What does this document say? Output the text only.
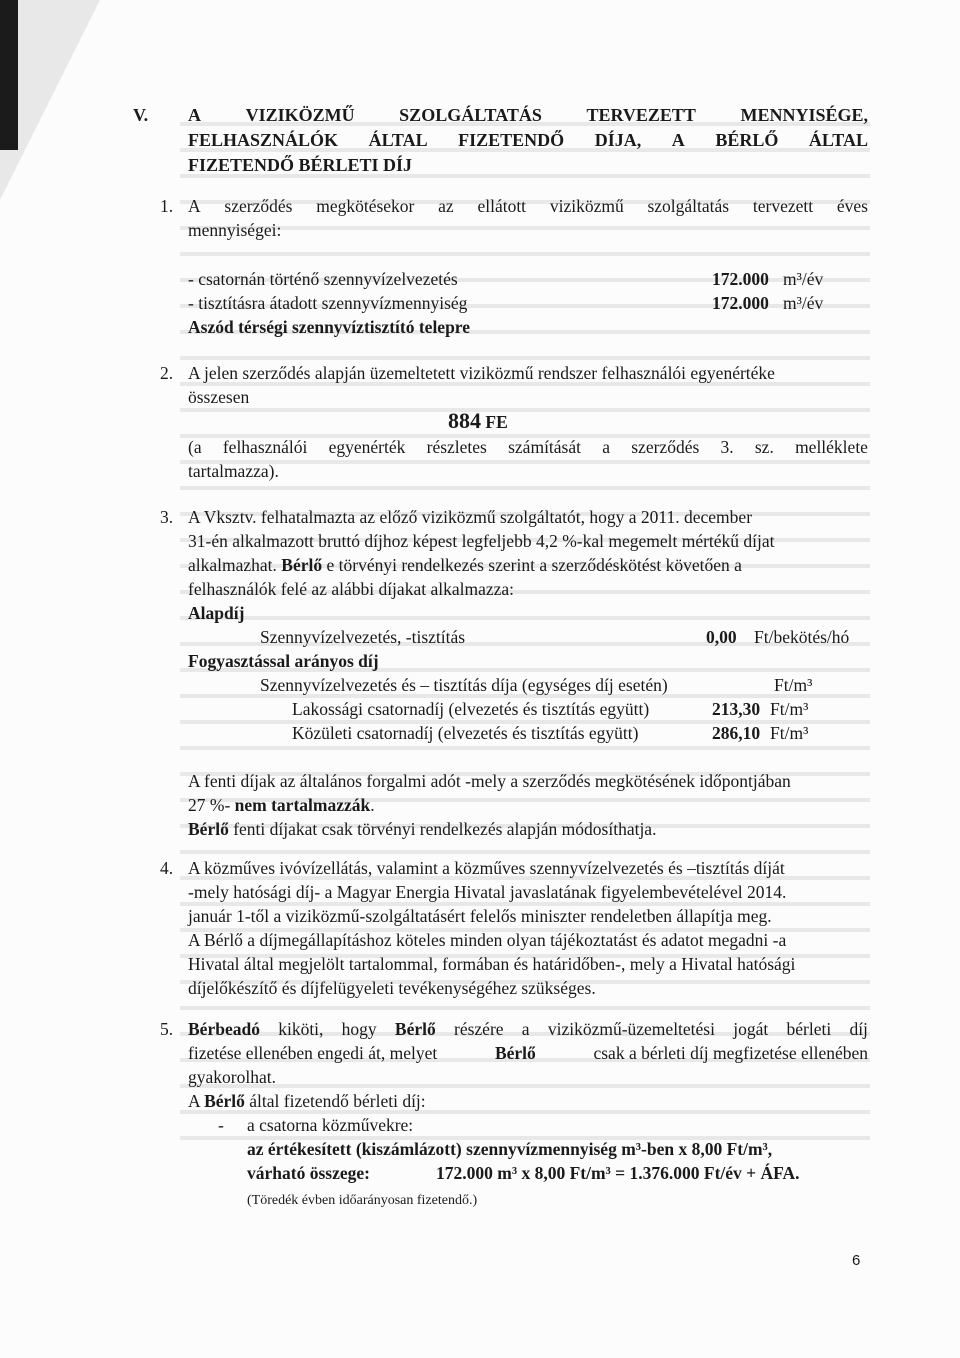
V. A VIZIKÖZMŰ SZOLGÁLTATÁS TERVEZETT MENNYISÉGE,
FELHASZNÁLÓK ÁLTAL FIZETENDŐ DÍJA, A BÉRLŐ ÁLTAL
FIZETENDŐ BÉRLETI DÍJ
1. A szerződés megkötésekor az ellátott viziközmű szolgáltatás tervezett éves
mennyiségei:
- csatornán történő szennyvízelvezetés	172.000 m³/év
- tisztításra átadott szennyvízmennyiség	172.000 m³/év
Aszód térségi szennyvíztisztító telepre
2. A jelen szerződés alapján üzemeltetett viziközmű rendszer felhasználói egyenértéke
összesen
884 FE
(a felhasználói egyenérték részletes számítását a szerződés 3. sz. melléklete
tartalmazza).
3. A Vksztv. felhatalmazta az előző viziközmű szolgáltatót, hogy a 2011. december
31-én alkalmazott bruttó díjhoz képest legfeljebb 4,2 %-kal megemelt mértékű díjat
alkalmazhat. Bérlő e törvényi rendelkezés szerint a szerződéskötést követően a
felhasználók felé az alábbi díjakat alkalmazza:
Alapdíj
Szennyvízelvezetés, -tisztítás	0,00 Ft/bekötés/hó
Fogyasztással arányos díj
Szennyvízelvezetés és – tisztítás díja (egységes díj esetén)	Ft/m³
Lakossági csatornadíj (elvezetés és tisztítás együtt)	213,30 Ft/m³
Közületi csatornadíj (elvezetés és tisztítás együtt)	286,10 Ft/m³
A fenti díjak az általános forgalmi adót -mely a szerződés megkötésének időpontjában
27 %- nem tartalmazzák.
Bérlő fenti díjakat csak törvényi rendelkezés alapján módosíthatja.
4. A közműves ivóvízellátás, valamint a közműves szennyvízelvezetés és –tisztítás díját
-mely hatósági díj- a Magyar Energia Hivatal javaslatának figyelembevételével 2014.
január 1-től a viziközmű-szolgáltatásért felelős miniszter rendeletben állapítja meg.
A Bérlő a díjmegállapításhoz köteles minden olyan tájékoztatást és adatot megadni -a
Hivatal által megjelölt tartalommal, formában és határidőben-, mely a Hivatal hatósági
díjelőkészítő és díjfelügyeleti tevékenységéhez szükséges.
5. Bérbeadó kiköti, hogy Bérlő részére a viziközmű-üzemeltetési jogát bérleti díj
fizetése ellenében engedi át, melyet	Bérlő	csak a bérleti díj megfizetése ellenében
gyakorolhat.
A Bérlő által fizetendő bérleti díj:
- a csatorna közművekre:
az értékesített (kiszámlázott) szennyvízmennyiség m³-ben x 8,00 Ft/m³,
várható összege:	172.000 m³ x 8,00 Ft/m³ = 1.376.000 Ft/év + ÁFA.
(Töredék évben időarányosan fizetendő.)
6
